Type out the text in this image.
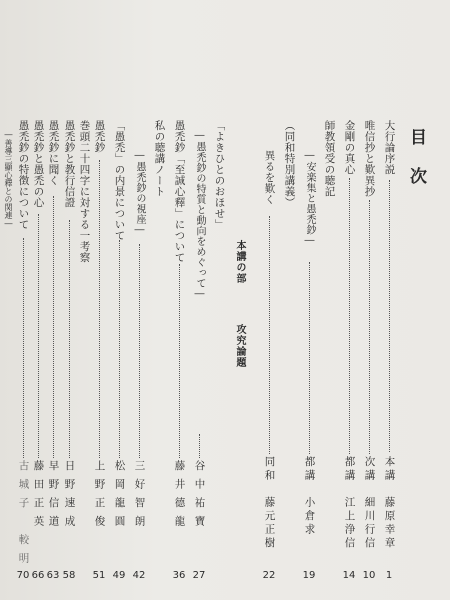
目次
大行論序説
本講　藤原幸章
1
唯信抄と歎異抄
次講　細川行信
10
金剛の真心
都講　江上浄信
14
師教領受の聴記
―安楽集と愚禿鈔―
都講　小倉求
19
（同和特別講義）
異るを歎く
同和　藤元正樹
22
本講の部
攻究論題
「よきひとのおほせ」
―愚禿鈔の特質と動向をめぐって―
谷中祐寶
27
愚禿鈔「至誠心釋」について
藤井德龍
36
私の聴講ノート
―愚禿鈔の視座―
三好智朗
42
「愚禿」の内景について
松岡龍圓
49
愚禿鈔
上野正俊
51
巻頭二十四字に対する一考察
愚禿鈔と教行信證
日野速成
58
愚禿鈔に聞く
早野信道
63
愚禿鈔と愚禿の心
藤田正英
66
愚禿鈔の特徴について
―善導三顯心釋との関連―
古城子　較明
70
